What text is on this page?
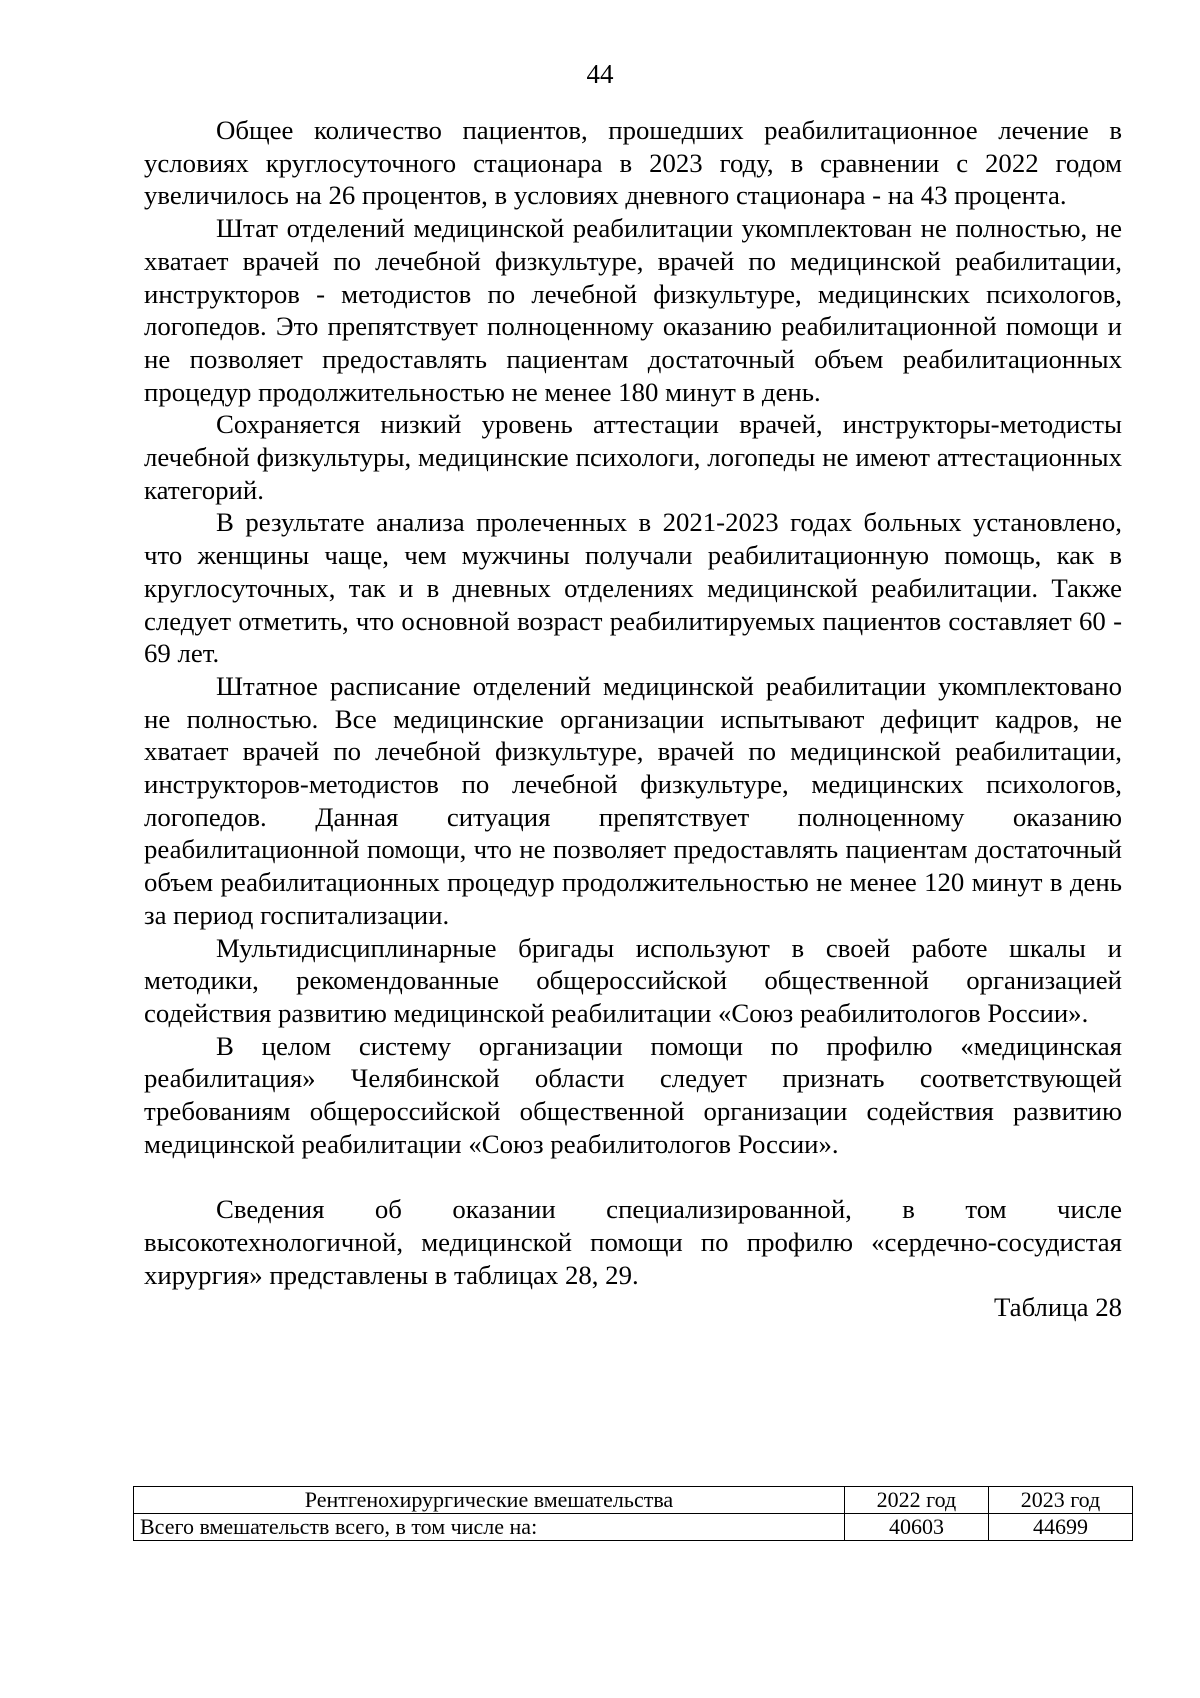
44

Общее количество пациентов, прошедших реабилитационное лечение в условиях круглосуточного стационара в 2023 году, в сравнении с 2022 годом увеличилось на 26 процентов, в условиях дневного стационара - на 43 процента.

Штат отделений медицинской реабилитации укомплектован не полностью, не хватает врачей по лечебной физкультуре, врачей по медицинской реабилитации, инструкторов - методистов по лечебной физкультуре, медицинских психологов, логопедов. Это препятствует полноценному оказанию реабилитационной помощи и не позволяет предоставлять пациентам достаточный объем реабилитационных процедур продолжительностью не менее 180 минут в день.

Сохраняется низкий уровень аттестации врачей, инструкторы-методисты лечебной физкультуры, медицинские психологи, логопеды не имеют аттестационных категорий.

В результате анализа пролеченных в 2021-2023 годах больных установлено, что женщины чаще, чем мужчины получали реабилитационную помощь, как в круглосуточных, так и в дневных отделениях медицинской реабилитации. Также следует отметить, что основной возраст реабилитируемых пациентов составляет 60 - 69 лет.

Штатное расписание отделений медицинской реабилитации укомплектовано не полностью. Все медицинские организации испытывают дефицит кадров, не хватает врачей по лечебной физкультуре, врачей по медицинской реабилитации, инструкторов-методистов по лечебной физкультуре, медицинских психологов, логопедов. Данная ситуация препятствует полноценному оказанию реабилитационной помощи, что не позволяет предоставлять пациентам достаточный объем реабилитационных процедур продолжительностью не менее 120 минут в день за период госпитализации.

Мультидисциплинарные бригады используют в своей работе шкалы и методики, рекомендованные общероссийской общественной организацией содействия развитию медицинской реабилитации «Союз реабилитологов России».

В целом систему организации помощи по профилю «медицинская реабилитация» Челябинской области следует признать соответствующей требованиям общероссийской общественной организации содействия развитию медицинской реабилитации «Союз реабилитологов России».

Сведения об оказании специализированной, в том числе высокотехнологичной, медицинской помощи по профилю «сердечно-сосудистая хирургия» представлены в таблицах 28, 29.

Таблица 28

Рентгенохирургические вмешательства	2022 год	2023 год
Всего вмешательств всего, в том числе на:	40603	44699
